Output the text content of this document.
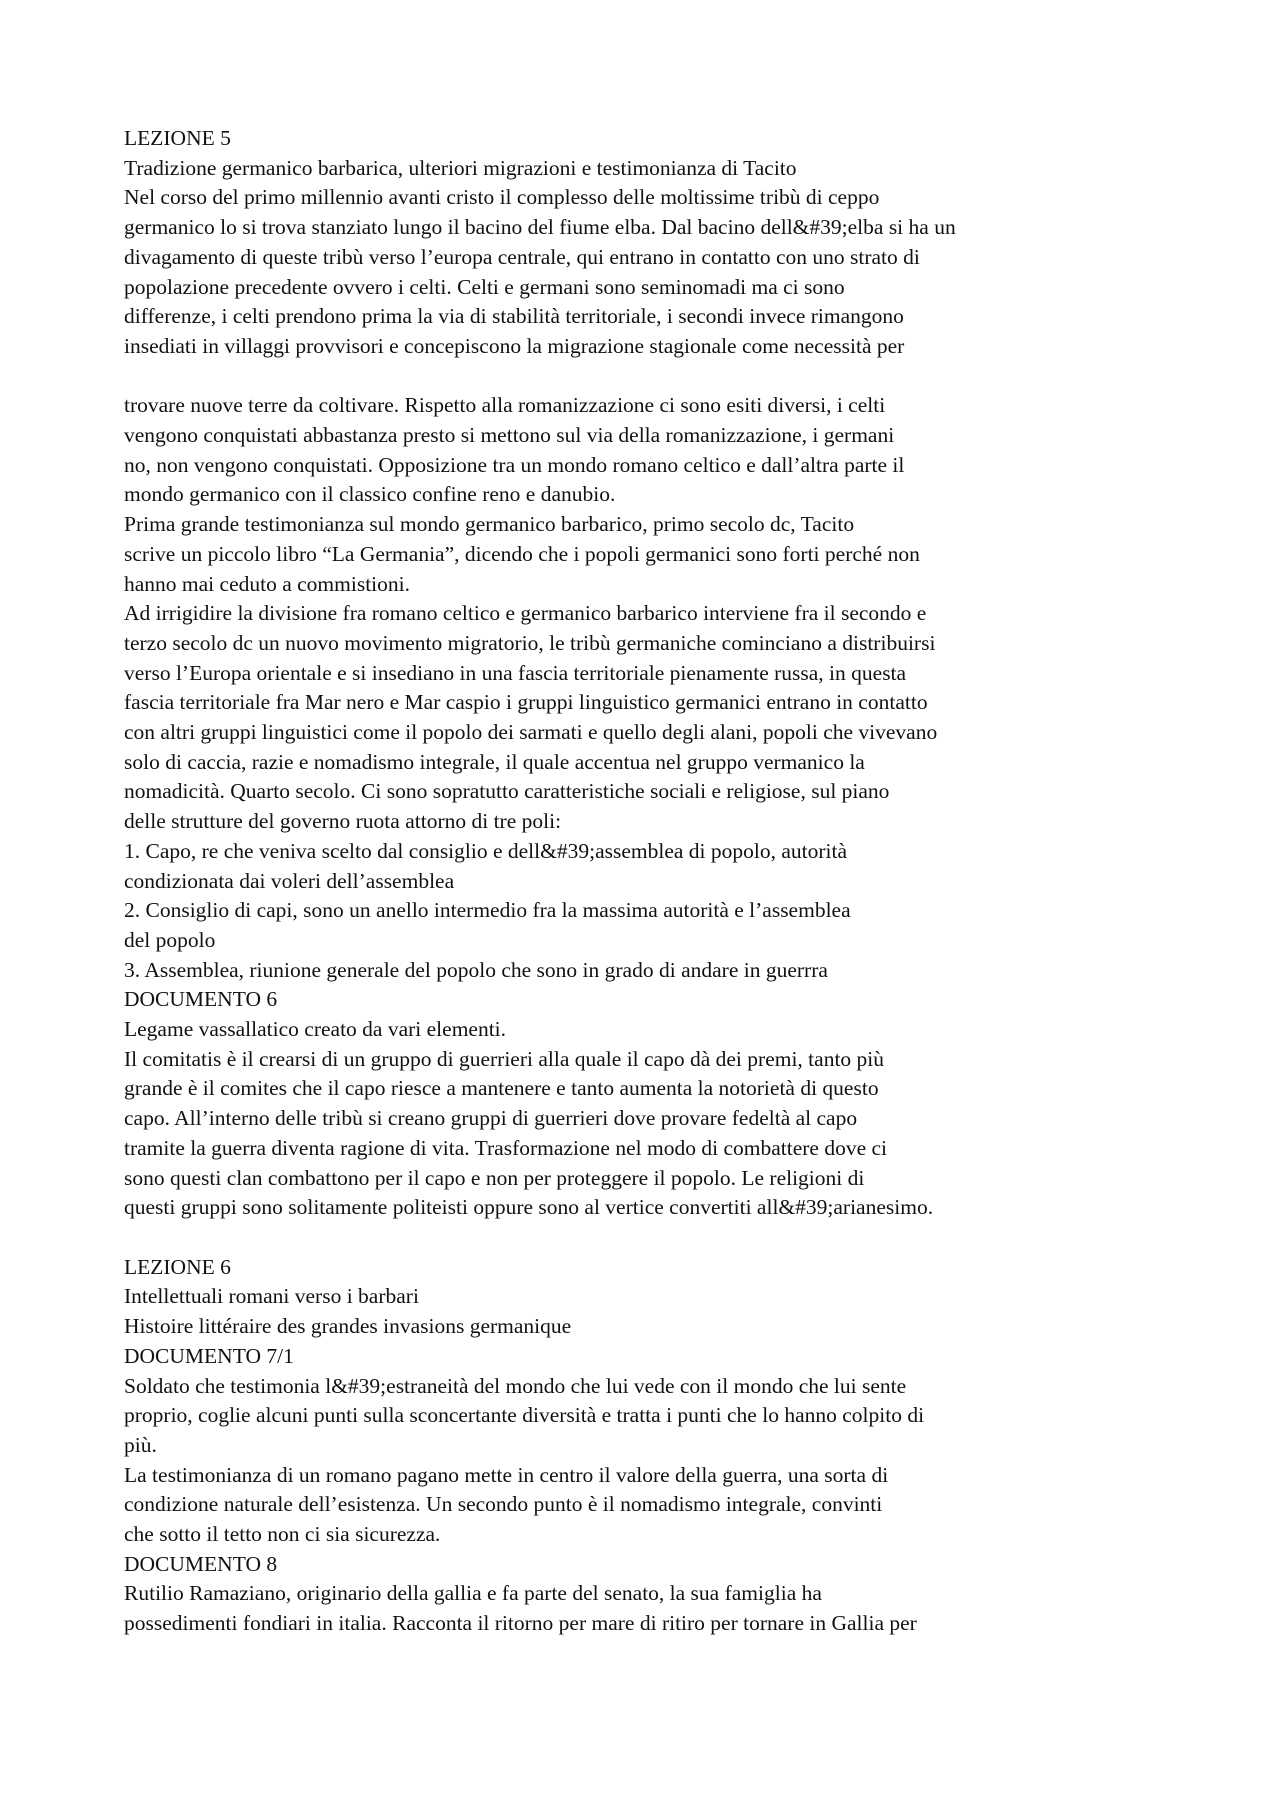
LEZIONE 5
Tradizione germanico barbarica, ulteriori migrazioni e testimonianza di Tacito
Nel corso del primo millennio avanti cristo il complesso delle moltissime tribù di ceppo
germanico lo si trova stanziato lungo il bacino del fiume elba. Dal bacino dell&#39;elba si ha un
divagamento di queste tribù verso l’europa centrale, qui entrano in contatto con uno strato di
popolazione precedente ovvero i celti. Celti e germani sono seminomadi ma ci sono
differenze, i celti prendono prima la via di stabilità territoriale, i secondi invece rimangono
insediati in villaggi provvisori e concepiscono la migrazione stagionale come necessità per
trovare nuove terre da coltivare. Rispetto alla romanizzazione ci sono esiti diversi, i celti
vengono conquistati abbastanza presto si mettono sul via della romanizzazione, i germani
no, non vengono conquistati. Opposizione tra un mondo romano celtico e dall’altra parte il
mondo germanico con il classico confine reno e danubio.
Prima grande testimonianza sul mondo germanico barbarico, primo secolo dc, Tacito
scrive un piccolo libro “La Germania”, dicendo che i popoli germanici sono forti perché non
hanno mai ceduto a commistioni.
Ad irrigidire la divisione fra romano celtico e germanico barbarico interviene fra il secondo e
terzo secolo dc un nuovo movimento migratorio, le tribù germaniche cominciano a distribuirsi
verso l’Europa orientale e si insediano in una fascia territoriale pienamente russa, in questa
fascia territoriale fra Mar nero e Mar caspio i gruppi linguistico germanici entrano in contatto
con altri gruppi linguistici come il popolo dei sarmati e quello degli alani, popoli che vivevano
solo di caccia, razie e nomadismo integrale, il quale accentua nel gruppo vermanico la
nomadicità. Quarto secolo. Ci sono sopratutto caratteristiche sociali e religiose, sul piano
delle strutture del governo ruota attorno di tre poli:
1. Capo, re che veniva scelto dal consiglio e dell&#39;assemblea di popolo, autorità
condizionata dai voleri dell’assemblea
2. Consiglio di capi, sono un anello intermedio fra la massima autorità e l’assemblea
del popolo
3. Assemblea, riunione generale del popolo che sono in grado di andare in guerrra
DOCUMENTO 6
Legame vassallatico creato da vari elementi.
Il comitatis è il crearsi di un gruppo di guerrieri alla quale il capo dà dei premi, tanto più
grande è il comites che il capo riesce a mantenere e tanto aumenta la notorietà di questo
capo. All’interno delle tribù si creano gruppi di guerrieri dove provare fedeltà al capo
tramite la guerra diventa ragione di vita. Trasformazione nel modo di combattere dove ci
sono questi clan combattono per il capo e non per proteggere il popolo. Le religioni di
questi gruppi sono solitamente politeisti oppure sono al vertice convertiti all&#39;arianesimo.
LEZIONE 6
Intellettuali romani verso i barbari
Histoire littéraire des grandes invasions germanique
DOCUMENTO 7/1
Soldato che testimonia l&#39;estraneità del mondo che lui vede con il mondo che lui sente
proprio, coglie alcuni punti sulla sconcertante diversità e tratta i punti che lo hanno colpito di
più.
La testimonianza di un romano pagano mette in centro il valore della guerra, una sorta di
condizione naturale dell’esistenza. Un secondo punto è il nomadismo integrale, convinti
che sotto il tetto non ci sia sicurezza.
DOCUMENTO 8
Rutilio Ramaziano, originario della gallia e fa parte del senato, la sua famiglia ha
possedimenti fondiari in italia. Racconta il ritorno per mare di ritiro per tornare in Gallia per
